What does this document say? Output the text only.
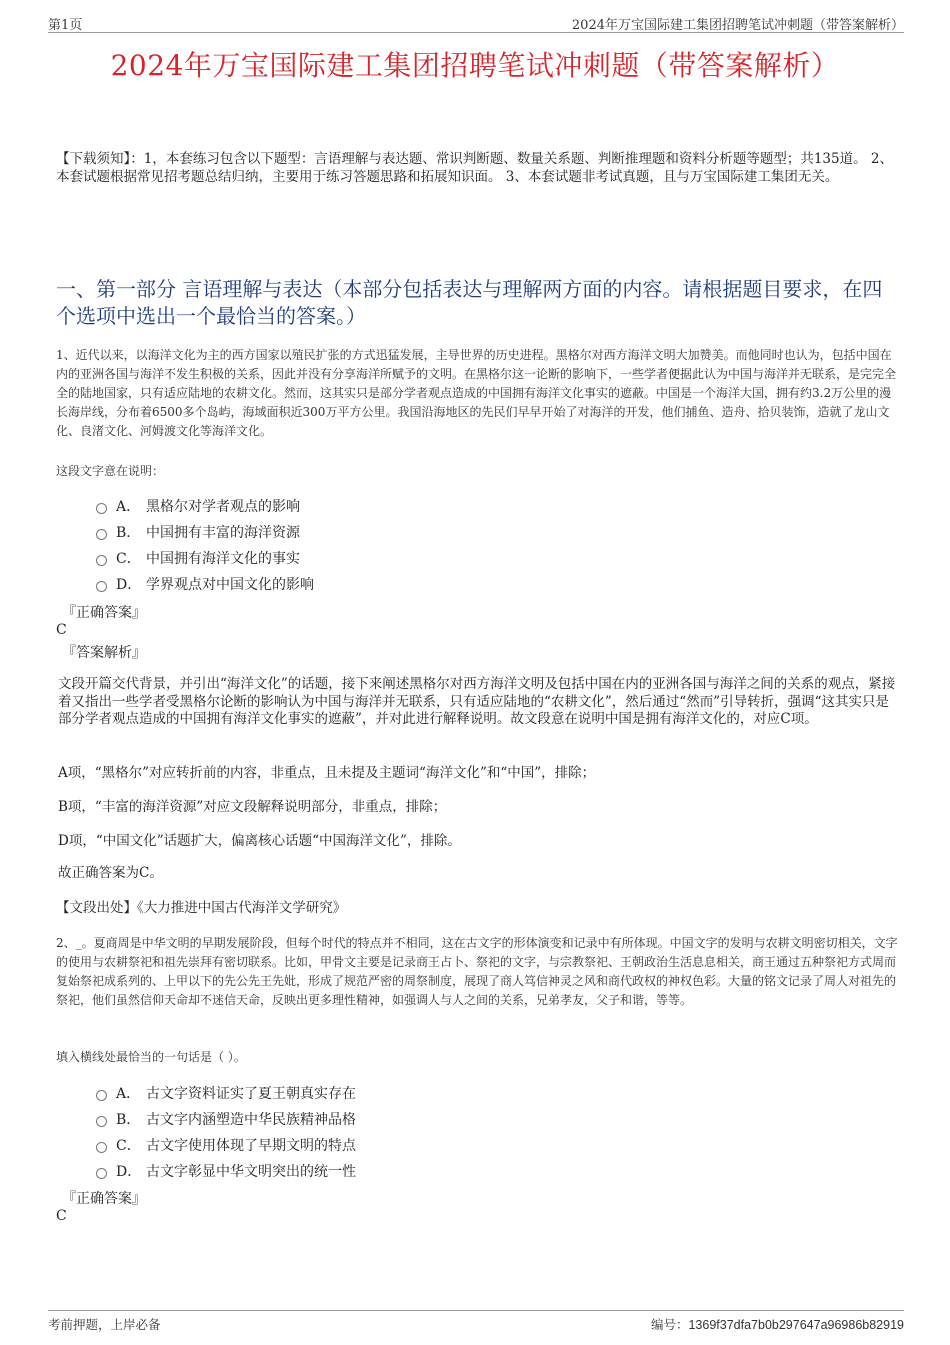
第1页	2024年万宝国际建工集团招聘笔试冲刺题（带答案解析）
2024年万宝国际建工集团招聘笔试冲刺题（带答案解析）
【下载须知】：1，本套练习包含以下题型：言语理解与表达题、常识判断题、数量关系题、判断推理题和资料分析题等题型；共135道。 2、本套试题根据常见招考题总结归纳，主要用于练习答题思路和拓展知识面。 3、本套试题非考试真题，且与万宝国际建工集团无关。
一、第一部分 言语理解与表达（本部分包括表达与理解两方面的内容。请根据题目要求，在四个选项中选出一个最恰当的答案。）

1、近代以来，以海洋文化为主的西方国家以殖民扩张的方式迅猛发展，主导世界的历史进程。黑格尔对西方海洋文明大加赞美。而他同时也认为，包括中国在内的亚洲各国与海洋不发生积极的关系，因此并没有分享海洋所赋予的文明。在黑格尔这一论断的影响下，一些学者便据此认为中国与海洋并无联系，是完完全全的陆地国家，只有适应陆地的农耕文化。然而，这其实只是部分学者观点造成的中国拥有海洋文化事实的遮蔽。中国是一个海洋大国，拥有约3.2万公里的漫长海岸线，分布着6500多个岛屿，海域面积近300万平方公里。我国沿海地区的先民们早早开始了对海洋的开发，他们捕鱼、造舟、拾贝装饰，造就了龙山文化、良渚文化、河姆渡文化等海洋文化。

这段文字意在说明：
A． 黑格尔对学者观点的影响
B． 中国拥有丰富的海洋资源
C． 中国拥有海洋文化的事实
D． 学界观点对中国文化的影响
『正确答案』
C
『答案解析』
文段开篇交代背景，并引出“海洋文化”的话题，接下来阐述黑格尔对西方海洋文明及包括中国在内的亚洲各国与海洋之间的关系的观点，紧接着又指出一些学者受黑格尔论断的影响认为中国与海洋并无联系，只有适应陆地的“农耕文化”，然后通过“然而”引导转折，强调“这其实只是部分学者观点造成的中国拥有海洋文化事实的遮蔽”，并对此进行解释说明。故文段意在说明中国是拥有海洋文化的，对应C项。
A项，“黑格尔”对应转折前的内容，非重点，且未提及主题词“海洋文化”和“中国”，排除；
B项，“丰富的海洋资源”对应文段解释说明部分，非重点，排除；
D项，“中国文化”话题扩大，偏离核心话题“中国海洋文化”，排除。
故正确答案为C。
【文段出处】《大力推进中国古代海洋文学研究》

2、_。夏商周是中华文明的早期发展阶段，但每个时代的特点并不相同，这在古文字的形体演变和记录中有所体现。中国文字的发明与农耕文明密切相关，文字的使用与农耕祭祀和祖先崇拜有密切联系。比如，甲骨文主要是记录商王占卜、祭祀的文字，与宗教祭祀、王朝政治生活息息相关，商王通过五种祭祀方式周而复始祭祀成系列的、上甲以下的先公先王先妣，形成了规范严密的周祭制度，展现了商人笃信神灵之风和商代政权的神权色彩。大量的铭文记录了周人对祖先的祭祀，他们虽然信仰天命却不迷信天命，反映出更多理性精神，如强调人与人之间的关系，兄弟孝友，父子和谐，等等。

填入横线处最恰当的一句话是（ ）。
A． 古文字资料证实了夏王朝真实存在
B． 古文字内涵塑造中华民族精神品格
C． 古文字使用体现了早期文明的特点
D． 古文字彰显中华文明突出的统一性
『正确答案』
C
考前押题，上岸必备	编号：1369f37dfa7b0b297647a96986b82919
